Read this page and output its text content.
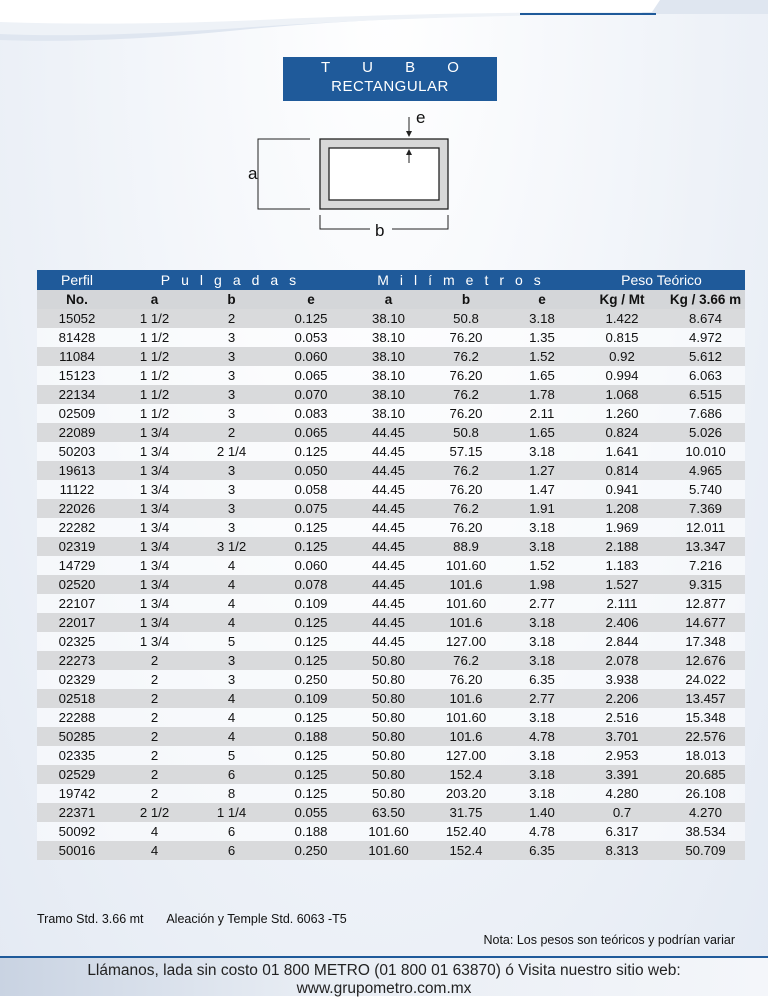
T U B O
RECTANGULAR
a
b
e
Perfil	Pulgadas			Milímetros			Peso Teórico	
No.	a	b	e	a	b	e	Kg / Mt	Kg / 3.66 m
15052	1 1/2	2	0.125	38.10	50.8	3.18	1.422	8.674
81428	1 1/2	3	0.053	38.10	76.20	1.35	0.815	4.972
11084	1 1/2	3	0.060	38.10	76.2	1.52	0.92	5.612
15123	1 1/2	3	0.065	38.10	76.20	1.65	0.994	6.063
22134	1 1/2	3	0.070	38.10	76.2	1.78	1.068	6.515
02509	1 1/2	3	0.083	38.10	76.20	2.11	1.260	7.686
22089	1 3/4	2	0.065	44.45	50.8	1.65	0.824	5.026
50203	1 3/4	2 1/4	0.125	44.45	57.15	3.18	1.641	10.010
19613	1 3/4	3	0.050	44.45	76.2	1.27	0.814	4.965
11122	1 3/4	3	0.058	44.45	76.20	1.47	0.941	5.740
22026	1 3/4	3	0.075	44.45	76.2	1.91	1.208	7.369
22282	1 3/4	3	0.125	44.45	76.20	3.18	1.969	12.011
02319	1 3/4	3 1/2	0.125	44.45	88.9	3.18	2.188	13.347
14729	1 3/4	4	0.060	44.45	101.60	1.52	1.183	7.216
02520	1 3/4	4	0.078	44.45	101.6	1.98	1.527	9.315
22107	1 3/4	4	0.109	44.45	101.60	2.77	2.111	12.877
22017	1 3/4	4	0.125	44.45	101.6	3.18	2.406	14.677
02325	1 3/4	5	0.125	44.45	127.00	3.18	2.844	17.348
22273	2	3	0.125	50.80	76.2	3.18	2.078	12.676
02329	2	3	0.250	50.80	76.20	6.35	3.938	24.022
02518	2	4	0.109	50.80	101.6	2.77	2.206	13.457
22288	2	4	0.125	50.80	101.60	3.18	2.516	15.348
50285	2	4	0.188	50.80	101.6	4.78	3.701	22.576
02335	2	5	0.125	50.80	127.00	3.18	2.953	18.013
02529	2	6	0.125	50.80	152.4	3.18	3.391	20.685
19742	2	8	0.125	50.80	203.20	3.18	4.280	26.108
22371	2 1/2	1 1/4	0.055	63.50	31.75	1.40	0.7	4.270
50092	4	6	0.188	101.60	152.40	4.78	6.317	38.534
50016	4	6	0.250	101.60	152.4	6.35	8.313	50.709
Tramo Std. 3.66 mt Aleación y Temple Std. 6063 -T5
Nota: Los pesos son teóricos y podrían variar
Llámanos, lada sin costo 01 800 METRO (01 800 01 63870) ó Visita nuestro sitio web: www.grupometro.com.mx
